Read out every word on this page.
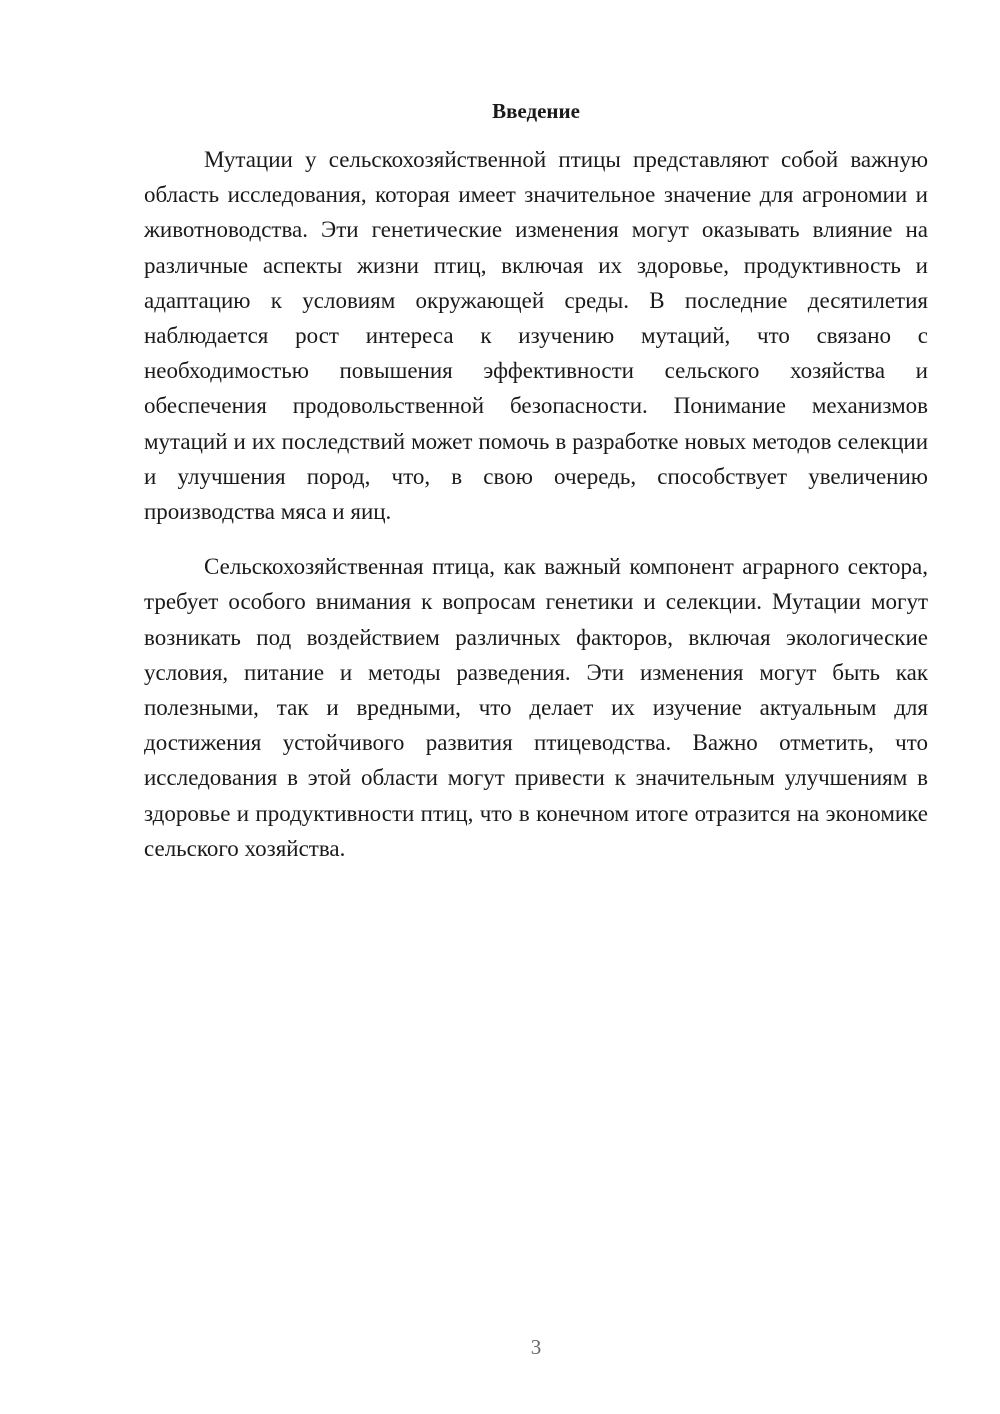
Введение

Мутации у сельскохозяйственной птицы представляют собой важную область исследования, которая имеет значительное значение для агрономии и животноводства. Эти генетические изменения могут оказывать влияние на различные аспекты жизни птиц, включая их здоровье, продуктивность и адаптацию к условиям окружающей среды. В последние десятилетия наблюдается рост интереса к изучению мутаций, что связано с необходимостью повышения эффективности сельского хозяйства и обеспечения продовольственной безопасности. Понимание механизмов мутаций и их последствий может помочь в разработке новых методов селекции и улучшения пород, что, в свою очередь, способствует увеличению производства мяса и яиц.

Сельскохозяйственная птица, как важный компонент аграрного сектора, требует особого внимания к вопросам генетики и селекции. Мутации могут возникать под воздействием различных факторов, включая экологические условия, питание и методы разведения. Эти изменения могут быть как полезными, так и вредными, что делает их изучение актуальным для достижения устойчивого развития птицеводства. Важно отметить, что исследования в этой области могут привести к значительным улучшениям в здоровье и продуктивности птиц, что в конечном итоге отразится на экономике сельского хозяйства.

3
